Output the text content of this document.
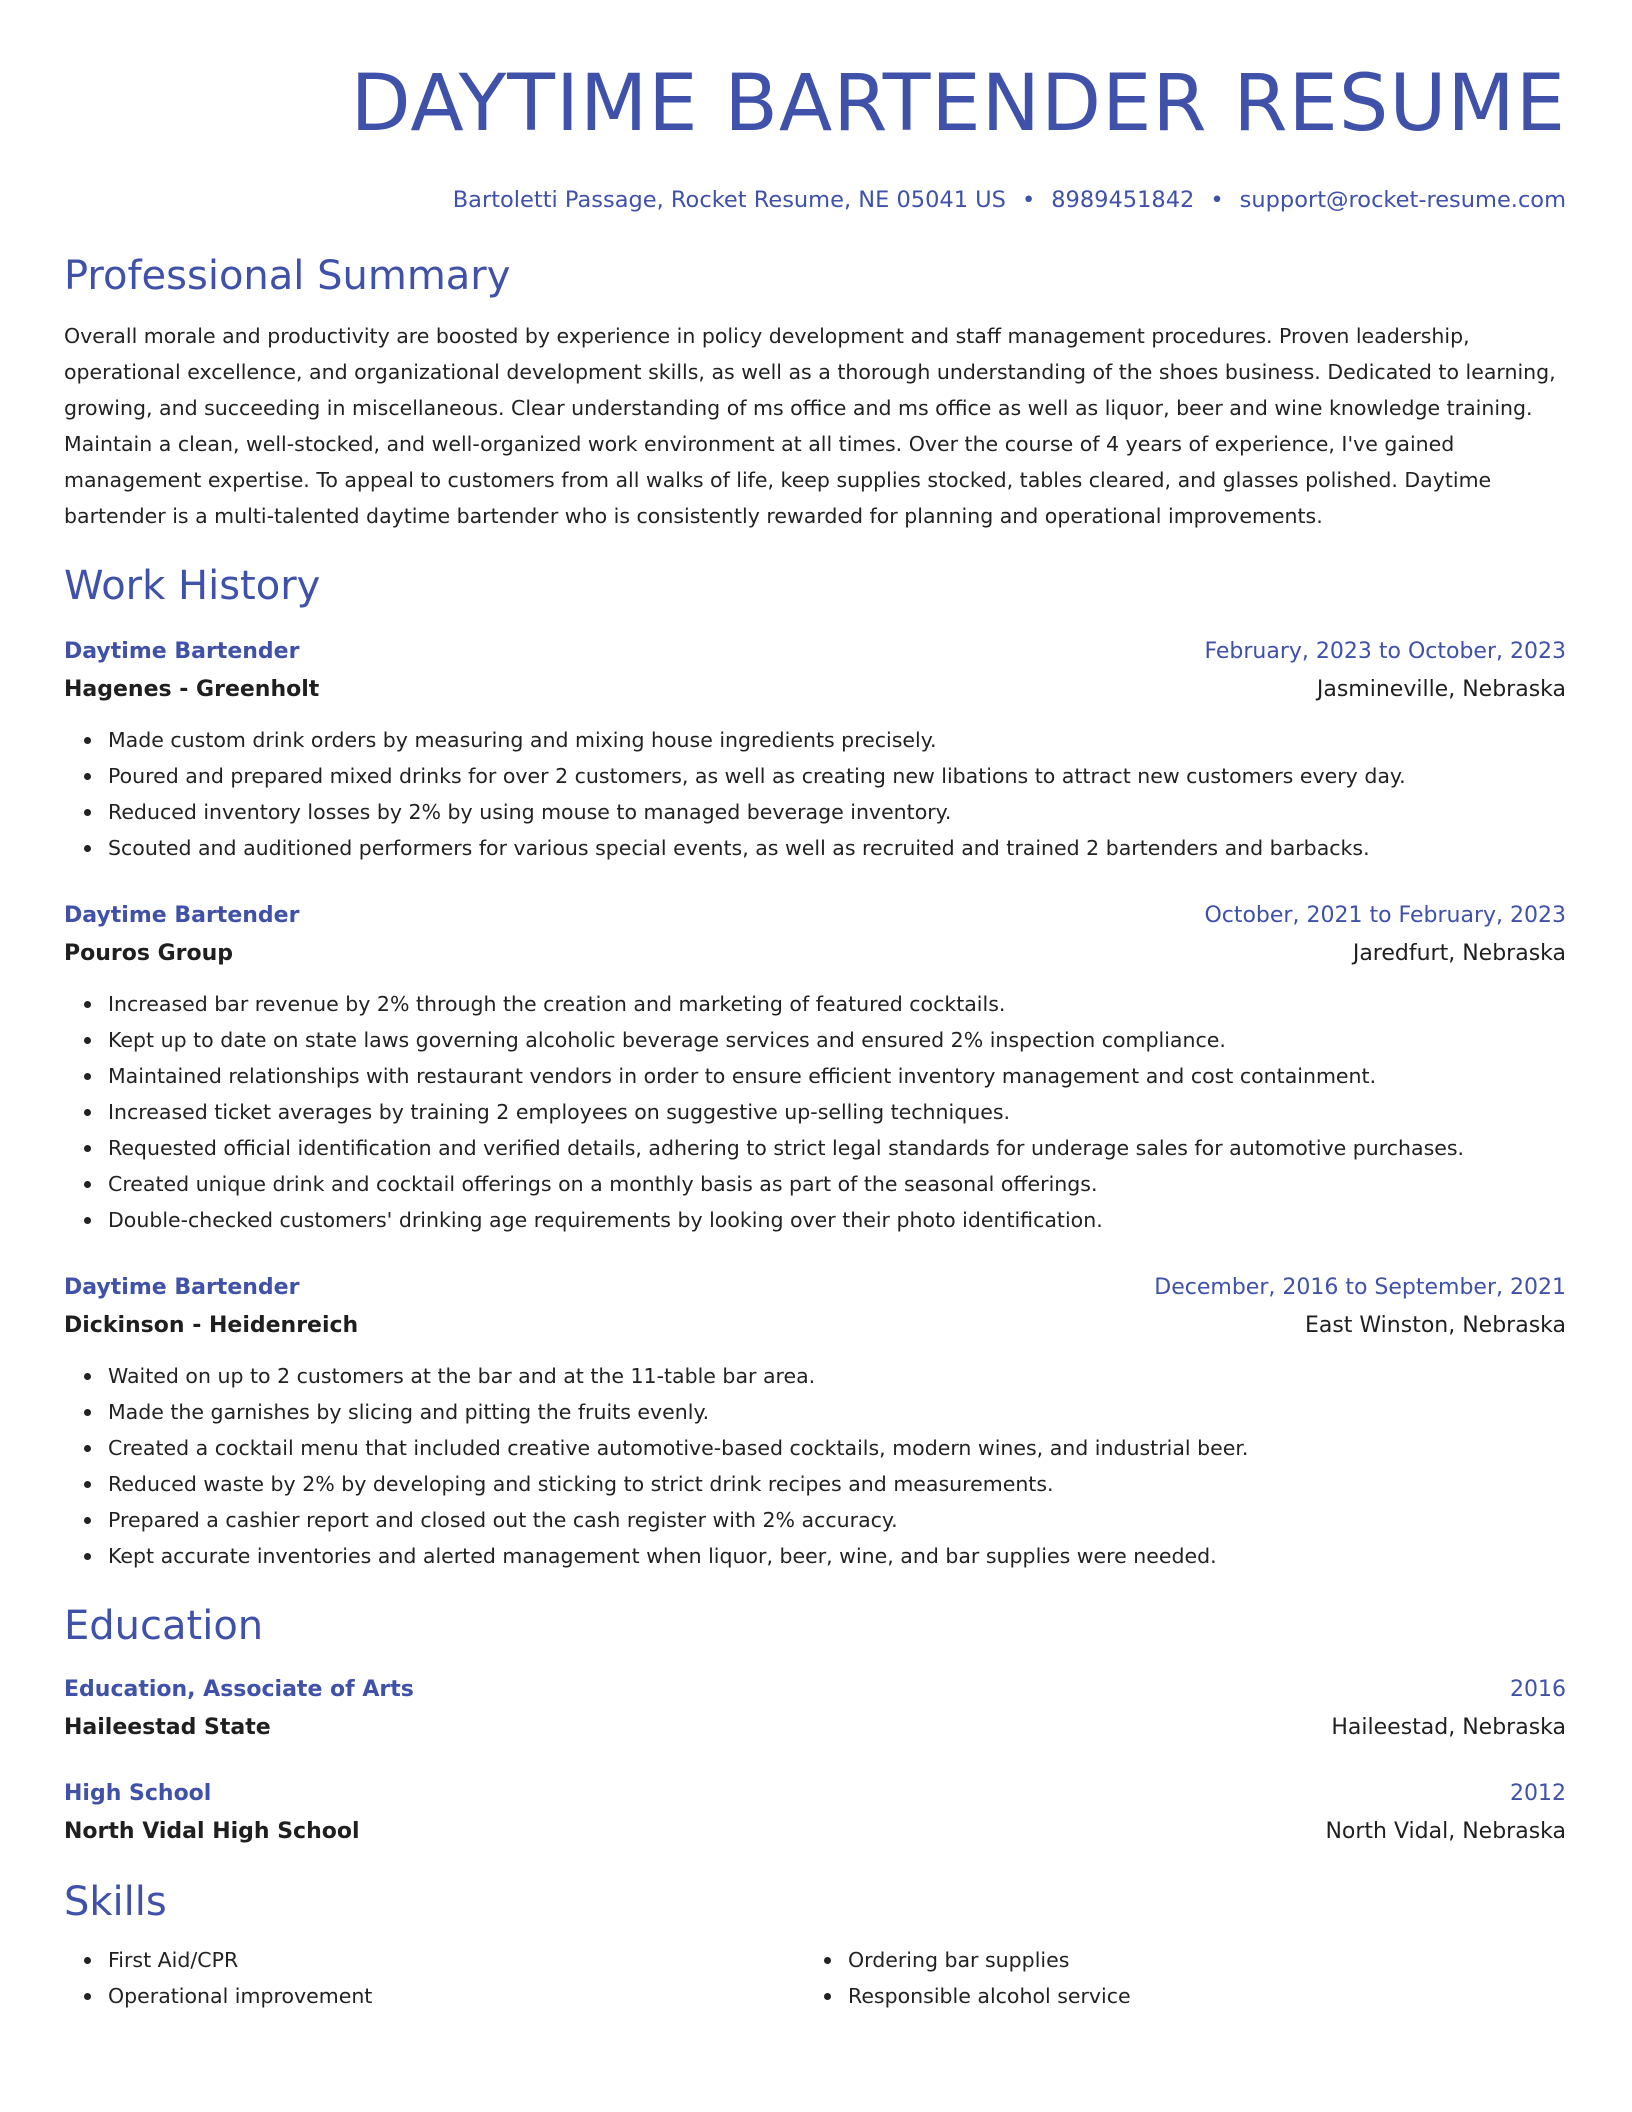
DAYTIME BARTENDER RESUME
Bartoletti Passage, Rocket Resume, NE 05041 US • 8989451842 • support@rocket-resume.com
Professional Summary

Overall morale and productivity are boosted by experience in policy development and staff management procedures. Proven leadership, operational excellence, and organizational development skills, as well as a thorough understanding of the shoes business. Dedicated to learning, growing, and succeeding in miscellaneous. Clear understanding of ms office and ms office as well as liquor, beer and wine knowledge training. Maintain a clean, well-stocked, and well-organized work environment at all times. Over the course of 4 years of experience, I've gained management expertise. To appeal to customers from all walks of life, keep supplies stocked, tables cleared, and glasses polished. Daytime bartender is a multi-talented daytime bartender who is consistently rewarded for planning and operational improvements.

Work History
Daytime Bartender	February, 2023 to October, 2023
Hagenes - Greenholt	Jasmineville, Nebraska
Made custom drink orders by measuring and mixing house ingredients precisely.
Poured and prepared mixed drinks for over 2 customers, as well as creating new libations to attract new customers every day.
Reduced inventory losses by 2% by using mouse to managed beverage inventory.
Scouted and auditioned performers for various special events, as well as recruited and trained 2 bartenders and barbacks.
Daytime Bartender	October, 2021 to February, 2023
Pouros Group	Jaredfurt, Nebraska
Increased bar revenue by 2% through the creation and marketing of featured cocktails.
Kept up to date on state laws governing alcoholic beverage services and ensured 2% inspection compliance.
Maintained relationships with restaurant vendors in order to ensure efficient inventory management and cost containment.
Increased ticket averages by training 2 employees on suggestive up-selling techniques.
Requested official identification and verified details, adhering to strict legal standards for underage sales for automotive purchases.
Created unique drink and cocktail offerings on a monthly basis as part of the seasonal offerings.
Double-checked customers' drinking age requirements by looking over their photo identification.
Daytime Bartender	December, 2016 to September, 2021
Dickinson - Heidenreich	East Winston, Nebraska
Waited on up to 2 customers at the bar and at the 11-table bar area.
Made the garnishes by slicing and pitting the fruits evenly.
Created a cocktail menu that included creative automotive-based cocktails, modern wines, and industrial beer.
Reduced waste by 2% by developing and sticking to strict drink recipes and measurements.
Prepared a cashier report and closed out the cash register with 2% accuracy.
Kept accurate inventories and alerted management when liquor, beer, wine, and bar supplies were needed.
Education
Education, Associate of Arts	2016
Haileestad State	Haileestad, Nebraska
High School	2012
North Vidal High School	North Vidal, Nebraska
Skills
First Aid/CPR
Operational improvement
Ordering bar supplies
Responsible alcohol service
